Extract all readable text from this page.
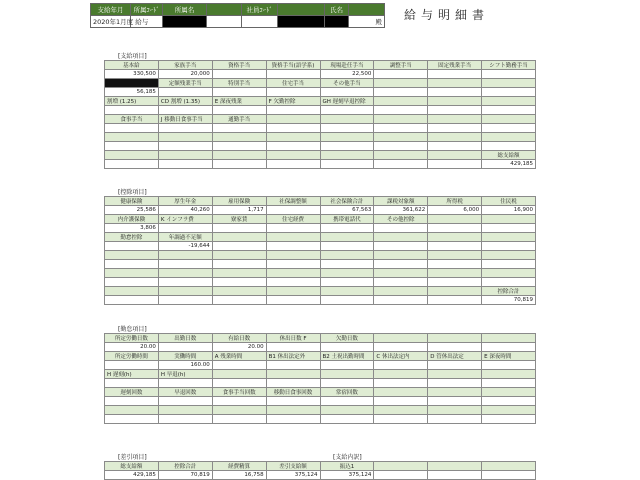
支給年月	所属ｺｰﾄﾞ	所属名		社員ｺｰﾄﾞ		氏名	
2020年1月度 給与							殿 給与明細書
[支給項目]
基本給	家族手当	資格手当	資格手当(語学系)	現場赴任手当	調整手当	固定残業手当	シフト勤務手当
330,500	20,000			22,500			
	定額残業手当	特別手当	住宅手当	その他手当			
56,185							
割増 (1.25)	CD 割増 (1.35)	E 深夜残業	F 欠勤控除	GH 遅刻早退控除			

食事手当	J 移動日食事手当	通勤手当					

							総支給額
							429,185
[控除項目]
健康保険	厚生年金	雇用保険	社保調整額	社会保険合計	課税対象額	所得税	住民税
25,586	40,260	1,717		67,563	361,622	6,000	16,900
内介護保険	K インフラ費	寮家賃	住宅経費	携帯電話代	その他控除		
3,806							
勤怠控除	年調過不足額						
	-19,644						

							控除合計
							70,819
[勤怠項目]
所定労働日数	出勤日数	有給日数	休出日数 F	欠勤日数			
20.00		20.00					
所定労働時間	実働時間	A 残業時間	B1 休出法定外	B2 土祝出勤時間	C 休出法定内	D 管休出法定	E 深夜時間
	160.00						
H 遅刻(h)	H 早退(h)						

遅刻回数	早退回数	食事手当回数	移動日食事回数	常宿回数			

[差引項目]	[支給内訳]
総支給額	控除合計	経費精算	差引支給額	振込1			
429,185	70,819	16,758	375,124	375,124			
